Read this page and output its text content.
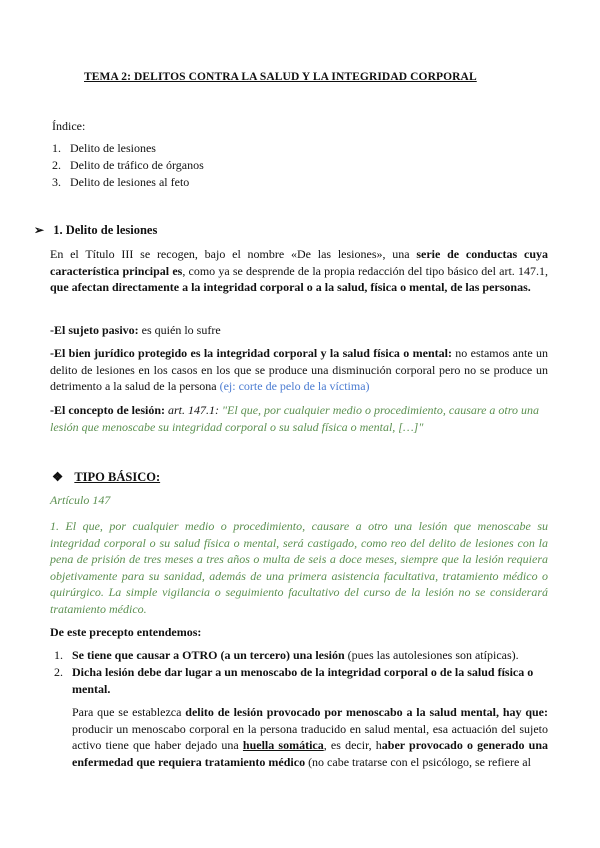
TEMA 2: DELITOS CONTRA LA SALUD Y LA INTEGRIDAD CORPORAL
Índice:
1. Delito de lesiones
2. Delito de tráfico de órganos
3. Delito de lesiones al feto
➢ 1. Delito de lesiones
En el Título III se recogen, bajo el nombre «De las lesiones», una serie de conductas cuya característica principal es, como ya se desprende de la propia redacción del tipo básico del art. 147.1, que afectan directamente a la integridad corporal o a la salud, física o mental, de las personas.
-El sujeto pasivo: es quién lo sufre
-El bien jurídico protegido es la integridad corporal y la salud física o mental: no estamos ante un delito de lesiones en los casos en los que se produce una disminución corporal pero no se produce un detrimento a la salud de la persona (ej: corte de pelo de la víctima)
-El concepto de lesión: art. 147.1: "El que, por cualquier medio o procedimiento, causare a otro una lesión que menoscabe su integridad corporal o su salud física o mental, […]"
❖ TIPO BÁSICO:
Artículo 147
1. El que, por cualquier medio o procedimiento, causare a otro una lesión que menoscabe su integridad corporal o su salud física o mental, será castigado, como reo del delito de lesiones con la pena de prisión de tres meses a tres años o multa de seis a doce meses, siempre que la lesión requiera objetivamente para su sanidad, además de una primera asistencia facultativa, tratamiento médico o quirúrgico. La simple vigilancia o seguimiento facultativo del curso de la lesión no se considerará tratamiento médico.
De este precepto entendemos:
1. Se tiene que causar a OTRO (a un tercero) una lesión (pues las autolesiones son atípicas).
2. Dicha lesión debe dar lugar a un menoscabo de la integridad corporal o de la salud física o mental.
Para que se establezca delito de lesión provocado por menoscabo a la salud mental, hay que: producir un menoscabo corporal en la persona traducido en salud mental, esa actuación del sujeto activo tiene que haber dejado una huella somática, es decir, haber provocado o generado una enfermedad que requiera tratamiento médico (no cabe tratarse con el psicólogo, se refiere al
